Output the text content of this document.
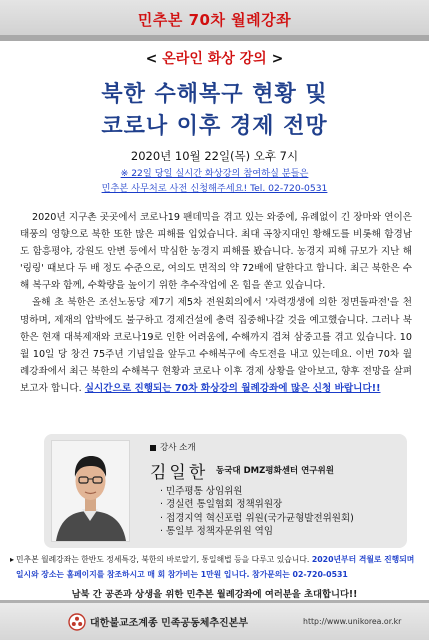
민추본 70차 월례강좌
< 온라인 화상 강의 >
북한 수해복구 현황 및
코로나 이후 경제 전망
2020년 10월 22일(목) 오후 7시
※ 22일 당일 실시간 화상강의 참여하실 분들은
민추본 사무처로 사전 신청해주세요! Tel. 02-720-0531

2020년 지구촌 곳곳에서 코로나19 팬데믹을 겪고 있는 와중에, 유례없이 긴 장마와 연이은 태풍의 영향으로 북한 또한 많은 피해를 입었습니다. 최대 곡창지대인 황해도를 비롯해 함경남도 함흥평야, 강원도 안변 등에서 막심한 농경지 피해를 봤습니다. 농경지 피해 규모가 지난 해 '링링' 때보다 두 배 정도 수준으로, 여의도 면적의 약 72배에 달한다고 합니다. 최근 북한은 수해 복구와 함께, 수확량을 높이기 위한 추수작업에 온 힘을 쏟고 있습니다.

올해 초 북한은 조선노동당 제7기 제5차 전원회의에서 '자력갱생에 의한 정면돌파전'을 천명하며, 제재의 압박에도 불구하고 경제건설에 총력 집중해나갈 것을 예고했습니다. 그러나 북한은 현재 대북제재와 코로나19로 인한 어려움에, 수해까지 겹쳐 삼중고를 겪고 있습니다. 10월 10일 당 창건 75주년 기념일을 앞두고 수해복구에 속도전을 내고 있는데요. 이번 70차 월례강좌에서 최근 북한의 수해복구 현황과 코로나 이후 경제 상황을 알아보고, 향후 전망을 살펴보고자 합니다. 실시간으로 진행되는 70차 화상강의 월례강좌에 많은 신청 바랍니다!!

강사 소개
김일한 동국대 DMZ평화센터 연구위원
· 민주평통 상임위원
· 경실련 통일협회 정책위원장
· 접경지역 혁신포럼 위원(국가균형발전위원회)
· 통일부 정책자문위원 역임
▸ 민추본 월례강좌는 한반도 정세특강, 북한의 바로알기, 통일해법 등을 다루고 있습니다. 2020년부터 격월로 진행되며 일시와 장소는 홈페이지를 참조하시고 매 회 참가비는 1만원 입니다. 참가문의는 02-720-0531
남북 간 공존과 상생을 위한 민추본 월례강좌에 여러분을 초대합니다!!
대한불교조계종 민족공동체추진본부	http://www.unikorea.or.kr
